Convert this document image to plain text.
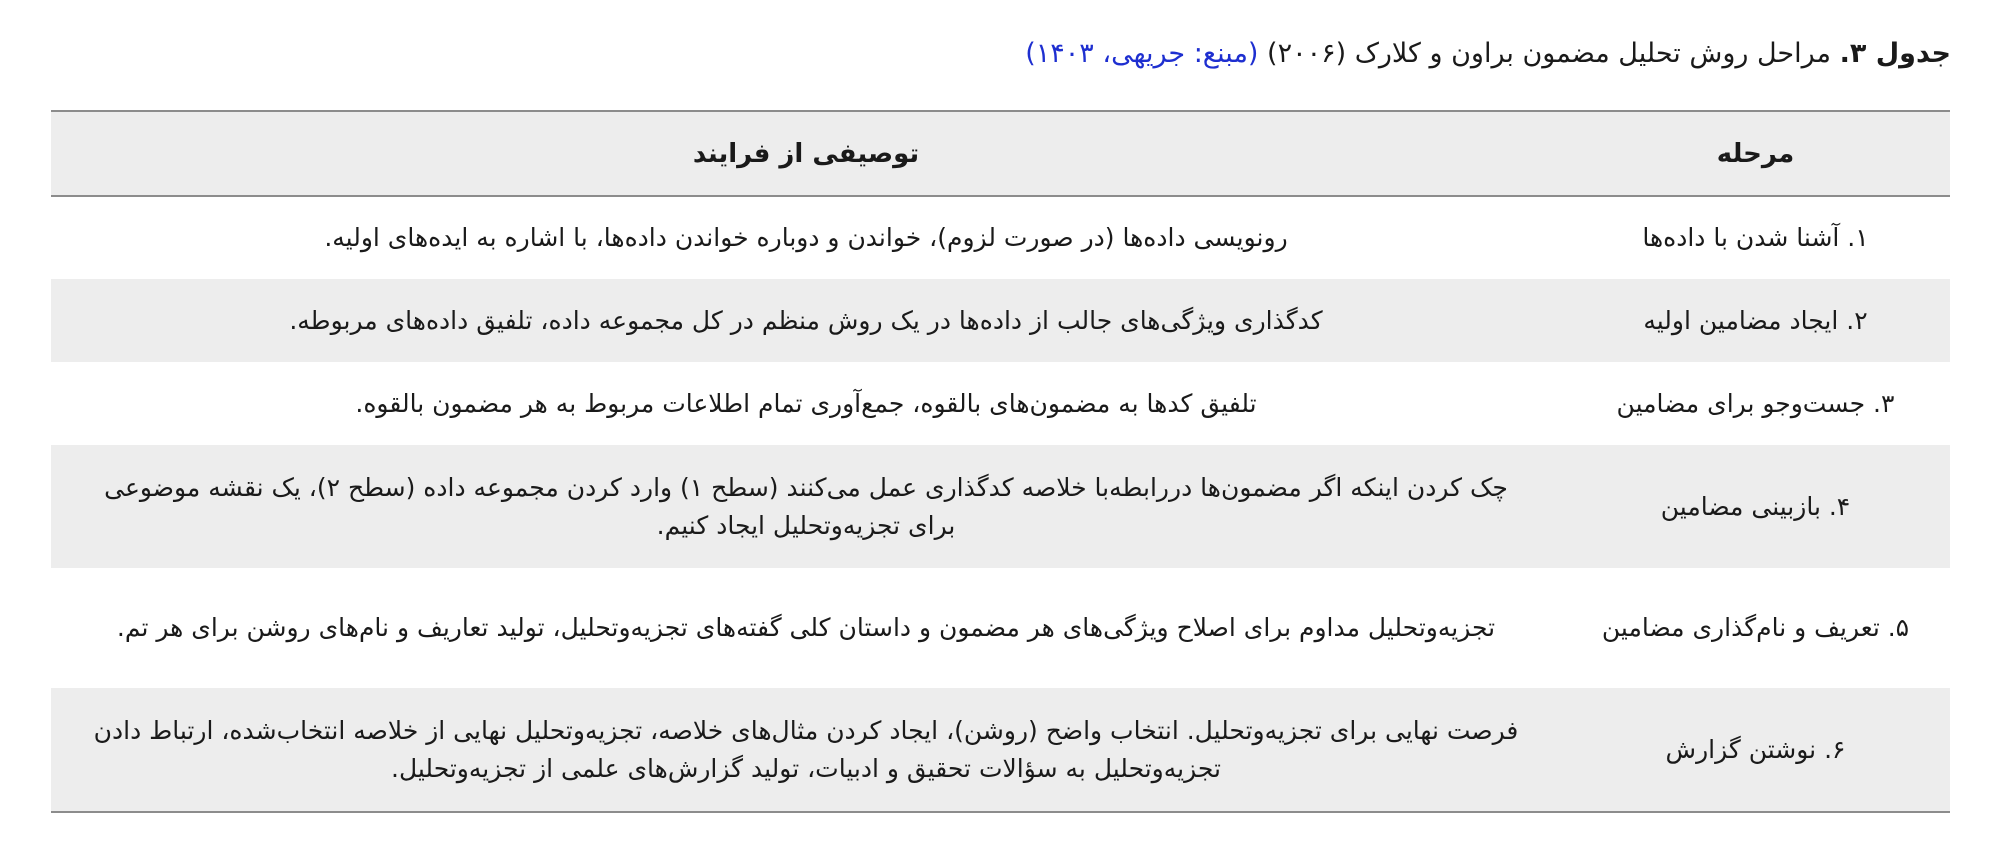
جدول ۳. مراحل روش تحلیل مضمون براون و کلارک (۲۰۰۶) (مبنع: جریهی، ۱۴۰۳)
مرحله
توصیفی از فرایند
۱. آشنا شدن با داده‌ها
رونویسی داده‌ها (در صورت لزوم)، خواندن و دوباره خواندن داده‌ها، با اشاره به ایده‌های اولیه.
۲. ایجاد مضامین اولیه
کدگذاری ویژگی‌های جالب از داده‌ها در یک روش منظم در کل مجموعه داده، تلفیق داده‌های مربوطه.
۳. جست‌وجو برای مضامین
تلفیق کدها به مضمون‌های بالقوه، جمع‌آوری تمام اطلاعات مربوط به هر مضمون بالقوه.
۴. بازبینی مضامین
چک کردن اینکه اگر مضمون‌ها دررابطه‌با خلاصه کدگذاری عمل می‌کنند (سطح ۱) وارد کردن مجموعه داده (سطح ۲)، یک نقشه موضوعی برای تجزیه‌وتحلیل ایجاد کنیم.
۵. تعریف و نام‌گذاری مضامین
تجزیه‌وتحلیل مداوم برای اصلاح ویژگی‌های هر مضمون و داستان کلی گفته‌های تجزیه‌وتحلیل، تولید تعاریف و نام‌های روشن برای هر تم.
۶. نوشتن گزارش
فرصت نهایی برای تجزیه‌وتحلیل. انتخاب واضح (روشن)، ایجاد کردن مثال‌های خلاصه، تجزیه‌وتحلیل نهایی از خلاصه انتخاب‌شده، ارتباط دادن تجزیه‌وتحلیل به سؤالات تحقیق و ادبیات، تولید گزارش‌های علمی از تجزیه‌وتحلیل.
